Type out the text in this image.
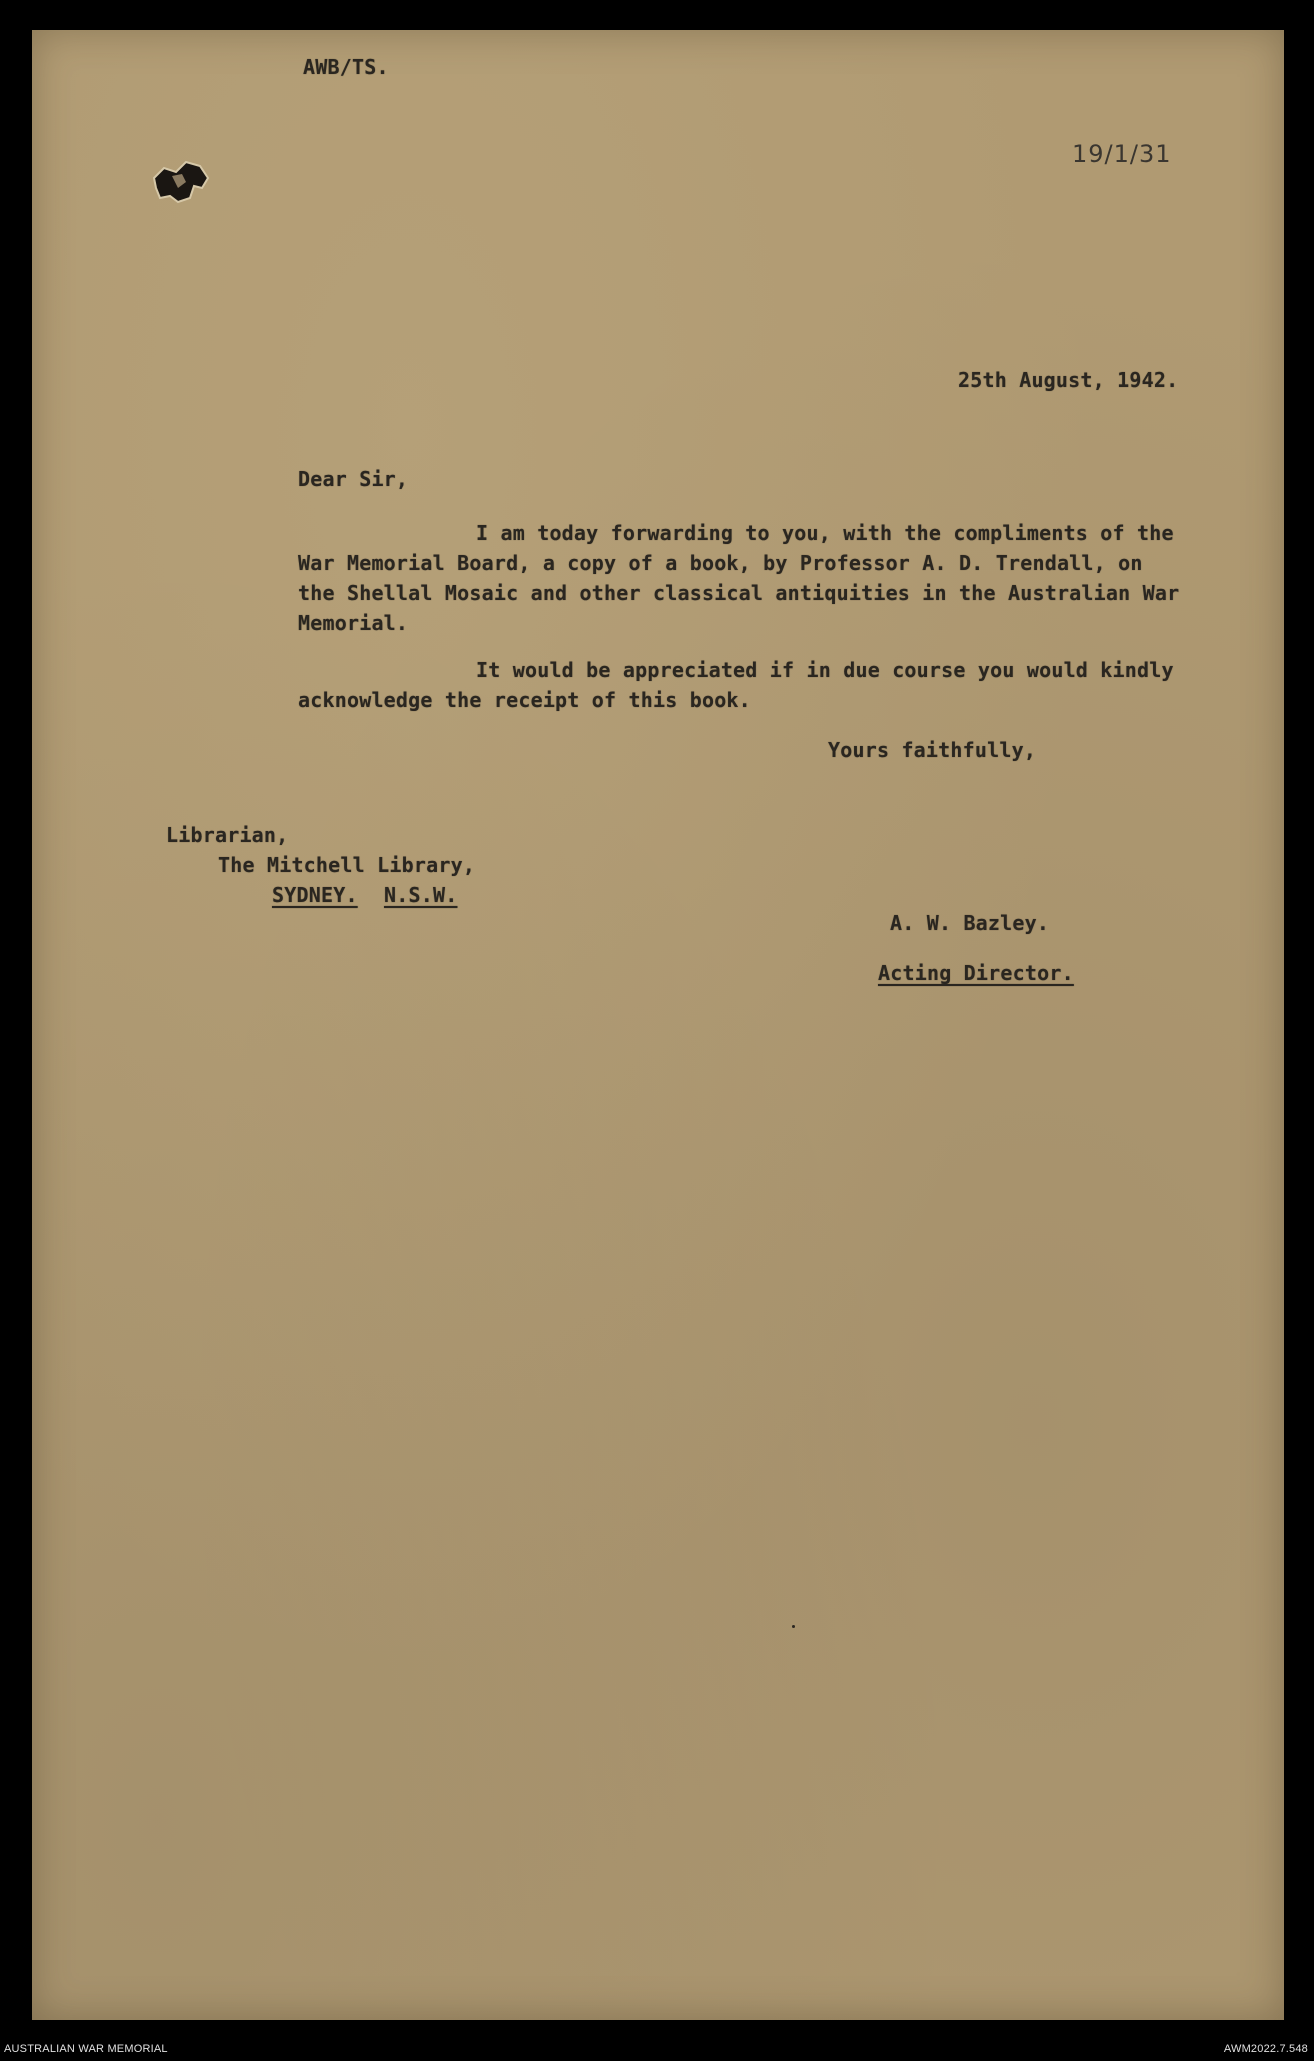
AWB/TS.
19/1/31
25th August, 1942.
Dear Sir,
I am today forwarding to you, with the compliments of the
War Memorial Board, a copy of a book, by Professor A. D. Trendall, on
the Shellal Mosaic and other classical antiquities in the Australian War
Memorial.
It would be appreciated if in due course you would kindly
acknowledge the receipt of this book.
Yours faithfully,
Librarian,
The Mitchell Library,
SYDNEY. N.S.W.
A. W. Bazley.
Acting Director.
AUSTRALIAN WAR MEMORIAL	AWM2022.7.548
